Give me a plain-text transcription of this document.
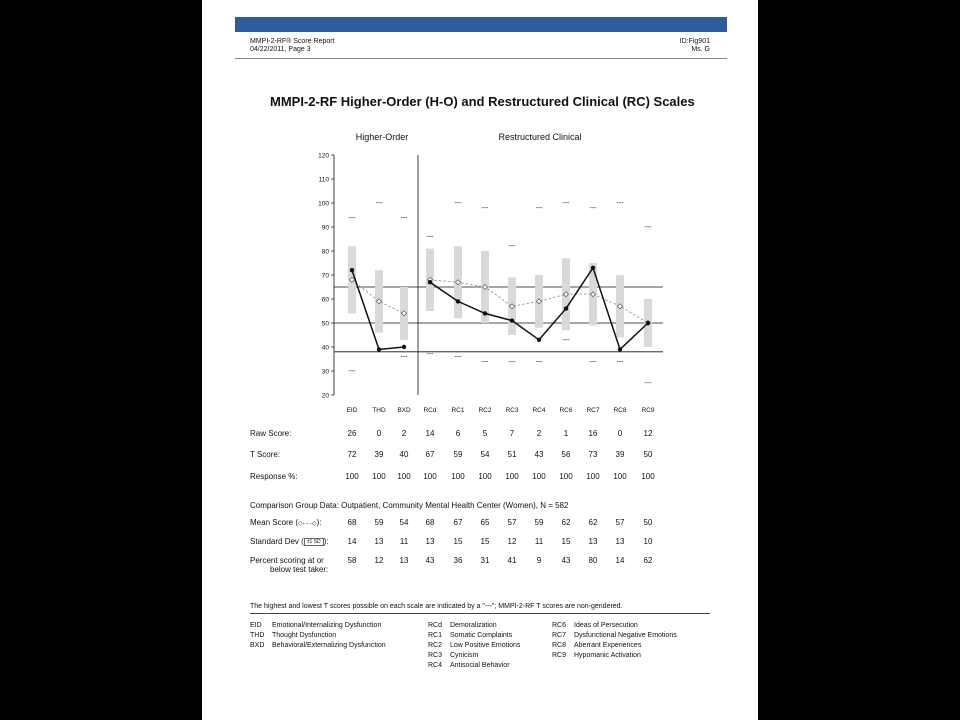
MMPI-2-RF® Score Report
04/22/2011, Page 3
ID:Fig901
Ms. G
MMPI-2-RF Higher-Order (H-O) and Restructured Clinical (RC) Scales
Higher-Order	Restructured Clinical
20
30
40
50
60
70
80
90
100
110
120
---
---
---
---
---
---
---
---
---
---
---
---
---
---
---
---
---
---
---
---
---
---
---
EID THD BXD RCd RC1 RC2 RC3 RC4 RC6 RC7 RC8 RC9
Raw Score:	26	0	2	14	6	5	7	2	1	16	0	12
T Score:	72	39	40	67	59	54	51	43	56	73	39	50
Response %:	100	100	100	100	100	100	100	100	100	100	100	100
Mean Score (◇- - -◇):	68	59	54	68	67	65	57	59	62	62	57	50
Standard Dev ( ±1 SD ):	14	13	11	13	15	15	12	11	15	13	13	10
Percent scoring at or
below test taker:
58	12	13	43	36	31	41	9	43	80	14	62
Comparison Group Data: Outpatient, Community Mental Health Center (Women), N = 582
The highest and lowest T scores possible on each scale are indicated by a "---"; MMPI-2-RF T scores are non-gendered.
EID Emotional/Internalizing Dysfunction
THD Thought Dysfunction
BXD Behavioral/Externalizing Dysfunction
RCd Demoralization
RC1 Somatic Complaints
RC2 Low Positive Emotions
RC3 Cynicism
RC4 Antisocial Behavior
RC6 Ideas of Persecution
RC7 Dysfunctional Negative Emotions
RC8 Aberrant Experiences
RC9 Hypomanic Activation
